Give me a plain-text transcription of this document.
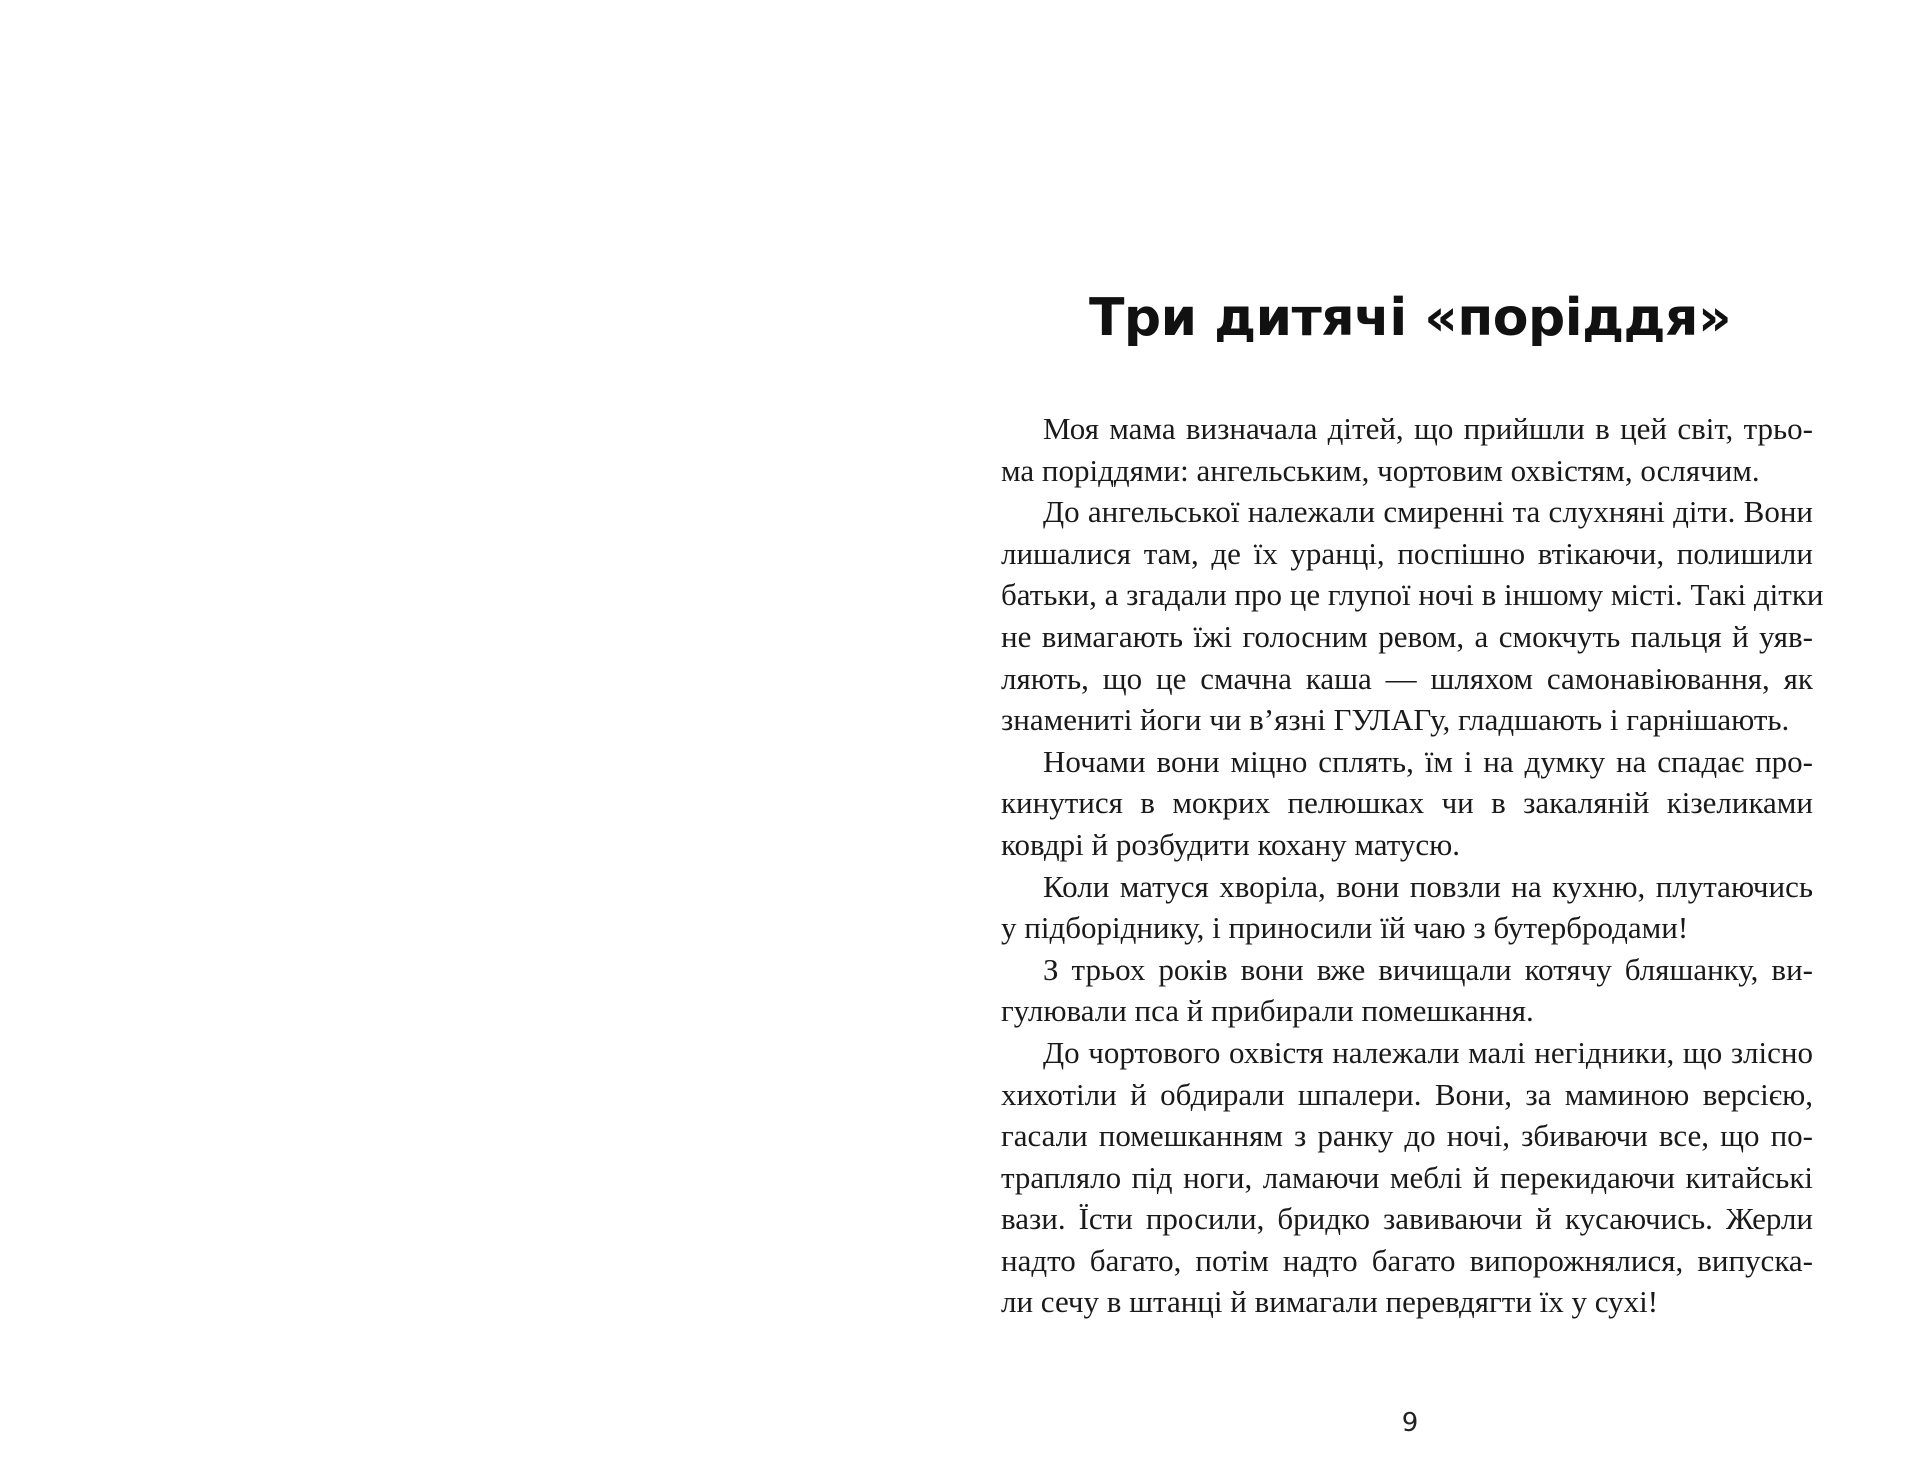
Три дитячі «поріддя»
Моя мама визначала дітей, що прийшли в цей світ, трьо-
ма поріддями: ангельським, чортовим охвістям, ослячим.
До ангельської належали смиренні та слухняні діти. Вони
лишалися там, де їх уранці, поспішно втікаючи, полишили
батьки, а згадали про це глупої ночі в іншому місті. Такі дітки
не вимагають їжі голосним ревом, а смокчуть пальця й уяв-
ляють, що це смачна каша — шляхом самонавіювання, як
знамениті йоги чи в’язні ГУЛАГу, гладшають і гарнішають.
Ночами вони міцно сплять, їм і на думку на спадає про-
кинутися в мокрих пелюшках чи в закаляній кізеликами
ковдрі й розбудити кохану матусю.
Коли матуся хворіла, вони повзли на кухню, плутаючись
у підборіднику, і приносили їй чаю з бутербродами!
З трьох років вони вже вичищали котячу бляшанку, ви-
гулювали пса й прибирали помешкання.
До чортового охвістя належали малі негідники, що злісно
хихотіли й обдирали шпалери. Вони, за маминою версією,
гасали помешканням з ранку до ночі, збиваючи все, що по-
трапляло під ноги, ламаючи меблі й перекидаючи китайські
вази. Їсти просили, бридко завиваючи й кусаючись. Жерли
надто багато, потім надто багато випорожнялися, випуска-
ли сечу в штанці й вимагали перевдягти їх у сухі!
9
